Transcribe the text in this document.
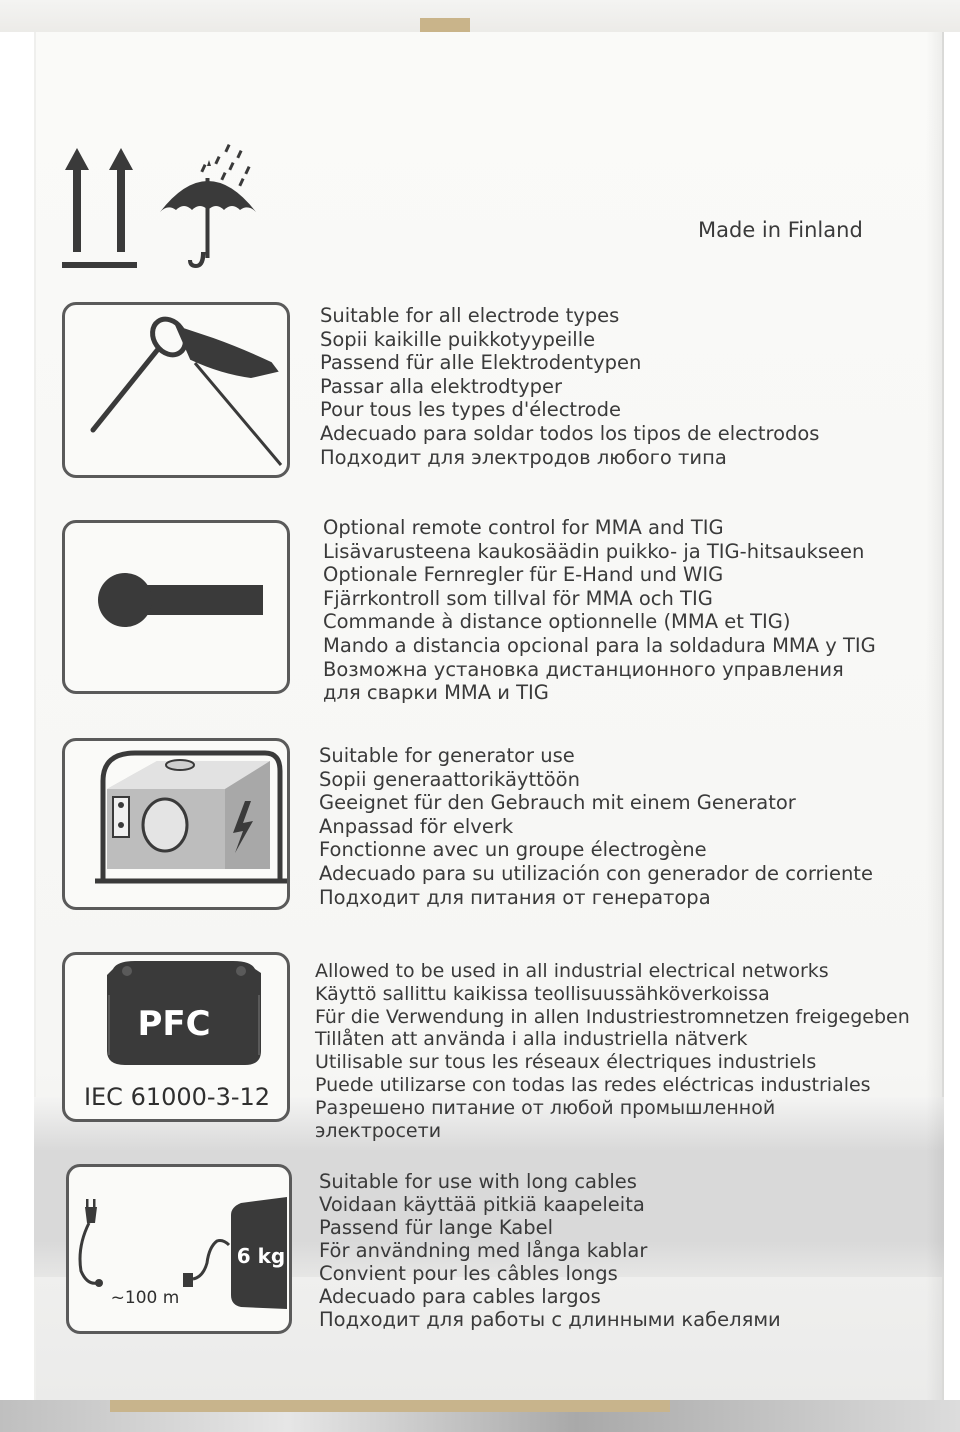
Made in Finland
Suitable for all electrode types
Sopii kaikille puikkotyypeille
Passend für alle Elektrodentypen
Passar alla elektrodtyper
Pour tous les types d'électrode
Adecuado para soldar todos los tipos de electrodos
Подходит для электродов любого типа
Optional remote control for MMA and TIG
Lisävarusteena kaukosäädin puikko- ja TIG-hitsaukseen
Optionale Fernregler für E-Hand und WIG
Fjärrkontroll som tillval för MMA och TIG
Commande à distance optionnelle (MMA et TIG)
Mando a distancia opcional para la soldadura MMA y TIG
Возможна установка дистанционного управления
для сварки MMA и TIG
Suitable for generator use
Sopii generaattorikäyttöön
Geeignet für den Gebrauch mit einem Generator
Anpassad för elverk
Fonctionne avec un groupe électrogène
Adecuado para su utilización con generador de corriente
Подходит для питания от генератора
PFC
IEC 61000-3-12
Allowed to be used in all industrial electrical networks
Käyttö sallittu kaikissa teollisuussähköverkoissa
Für die Verwendung in allen Industriestromnetzen freigegeben
Tillåten att använda i alla industriella nätverk
Utilisable sur tous les réseaux électriques industriels
Puede utilizarse con todas las redes eléctricas industriales
Разрешено питание от любой промышленной
электросети
6 kg
~100 m
Suitable for use with long cables
Voidaan käyttää pitkiä kaapeleita
Passend für lange Kabel
För användning med långa kablar
Convient pour les câbles longs
Adecuado para cables largos
Подходит для работы с длинными кабелями
